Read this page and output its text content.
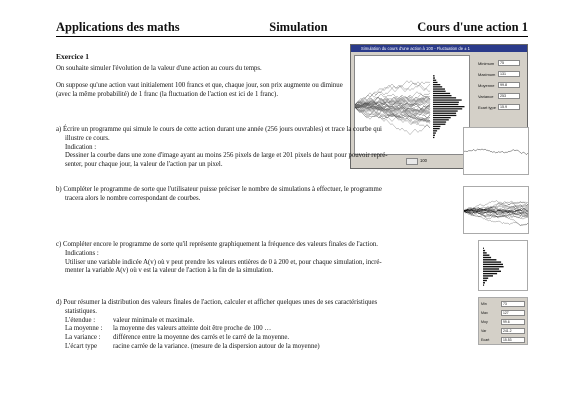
Applications des maths	Simulation	Cours d'une action 1
Exercice 1
On souhaite simuler l'évolution de la valeur d'une action au cours du temps.
On suppose qu'une action vaut initialement 100 francs et que, chaque jour, son prix augmente ou diminue (avec la même probabilité) de 1 franc (la fluctuation de l'action est ici de 1 franc).
Simulation du cours d'une action à 100 - Fluctuation de ± 1
100
Minimum	75
Maximum	131
Moyenne	99.8
Variance	253
Ecart type	15.9
a) Écrire un programme qui simule le cours de cette action durant une année (256 jours ouvrables) et trace la courbe qui
illustre ce cours.
Indication :
Dessiner la courbe dans une zone d'image ayant au moins 256 pixels de large et 201 pixels de haut pour pouvoir repré-
senter, pour chaque jour, la valeur de l'action par un pixel.
b) Compléter le programme de sorte que l'utilisateur puisse préciser le nombre de simulations à effectuer, le programme
tracera alors le nombre correspondant de courbes.
c) Compléter encore le programme de sorte qu'il représente graphiquement la fréquence des valeurs finales de l'action.
Indications :
Utiliser une variable indicée A(v) où v peut prendre les valeurs entières de 0 à 200 et, pour chaque simulation, incré-
menter la variable A(v) où v est la valeur de l'action à la fin de la simulation.
d) Pour résumer la distribution des valeurs finales de l'action, calculer et afficher quelques unes de ses caractéristiques
statistiques.
L'étendue :	valeur minimale et maximale.
La moyenne :	la moyenne des valeurs atteinte doit être proche de 100 …
La variance :	différence entre la moyenne des carrés et le carré de la moyenne.
L'écart type	racine carrée de la variance. (mesure de la dispersion autour de la moyenne)
Min	73
Max	127
Moy	99.6
Var	241.2
Ecart	15.53
